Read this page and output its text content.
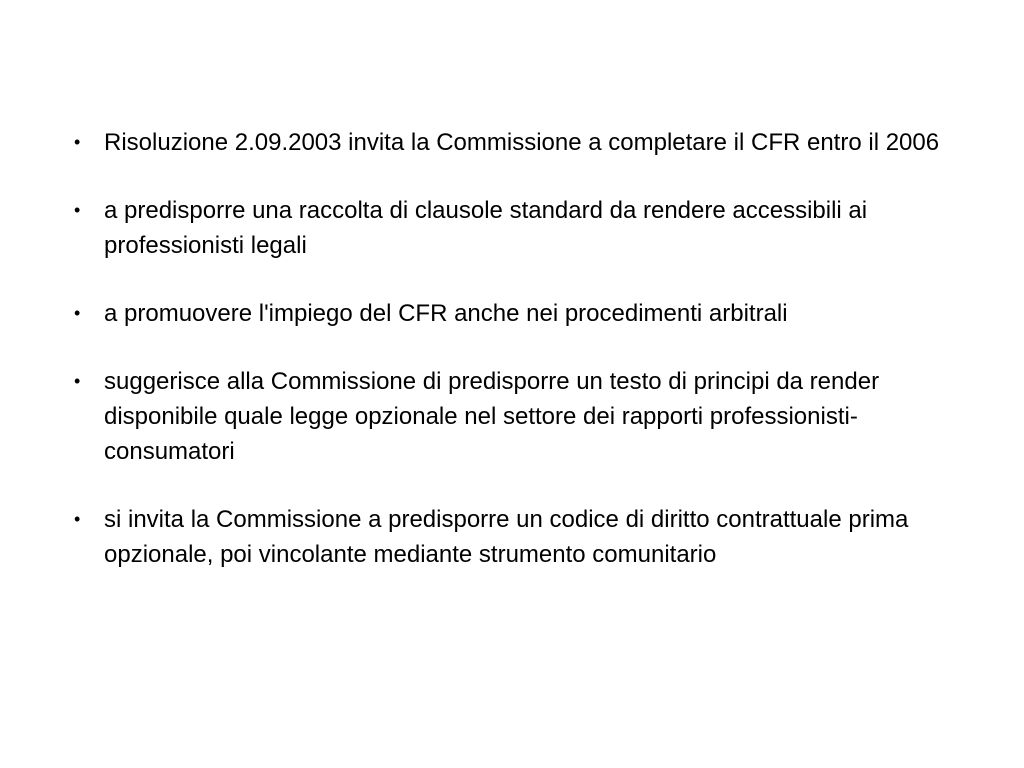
• Risoluzione 2.09.2003 invita la Commissione a completare il CFR entro il 2006
• a predisporre una raccolta di clausole standard da rendere accessibili ai professionisti legali
• a promuovere l'impiego del CFR anche nei procedimenti arbitrali
• suggerisce alla Commissione di predisporre un testo di principi da render disponibile quale legge opzionale nel settore dei rapporti professionisti- consumatori
• si invita la Commissione a predisporre un codice di diritto contrattuale prima opzionale, poi vincolante mediante strumento comunitario
